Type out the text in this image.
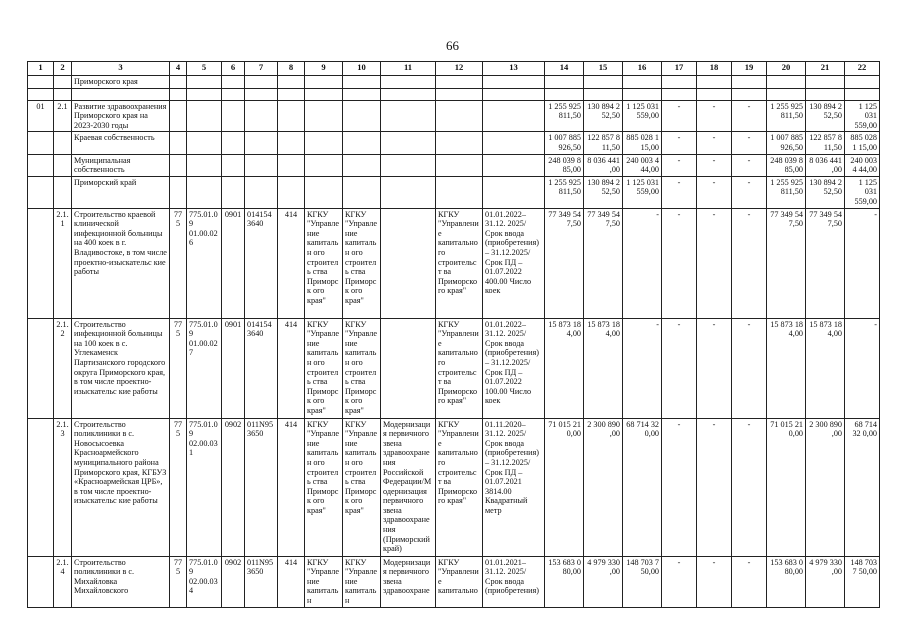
66
1	2	3	4	5	6	7	8	9	10	11	12	13	14	15	16	17	18	19	20	21	22
		Приморского края																			

01	2.1	Развитие здравоохранения Приморского края на 2023-2030 годы											1 255 925 811,50	130 894 2 52,50	1 125 031 559,00	-	-	-	1 255 925 811,50	130 894 2 52,50	1 125 031 559,00
		Краевая собственность											1 007 885 926,50	122 857 8 11,50	885 028 1 15,00	-	-	-	1 007 885 926,50	122 857 8 11,50	885 028 1 15,00
		Муниципальная собственность											248 039 8 85,00	8 036 441 ,00	240 003 4 44,00	-	-	-	248 039 8 85,00	8 036 441 ,00	240 003 4 44,00
		Приморский край											1 255 925 811,50	130 894 2 52,50	1 125 031 559,00	-	-	-	1 255 925 811,50	130 894 2 52,50	1 125 031 559,00
	2.1.1	Строительство краевой клинической инфекционной больницы на 400 коек в г. Владивостоке, в том числе проектно-изыскательс кие работы	775	775.01.09 01.00.026	0901	014154 3640	414	КГКУ "Управле ние капитальн ого строитель ства Приморск ого края"	КГКУ "Управле ние капитальн ого строитель ства Приморск ого края"		КГКУ "Управлени е капитально го строительст ва Приморско го края"	01.01.2022–31.12. 2025/ Срок ввода (приобретения) – 31.12.2025/ Срок ПД – 01.07.2022 400.00 Число коек	77 349 54 7,50	77 349 54 7,50	-	-	-	-	77 349 54 7,50	77 349 54 7,50	-
	2.1.2	Строительство инфекционной больницы на 100 коек в с. Углекаменск Партизанского городского округа Приморского края, в том числе проектно-изыскательс кие работы	775	775.01.09 01.00.027	0901	014154 3640	414	КГКУ "Управле ние капитальн ого строитель ства Приморск ого края"	КГКУ "Управле ние капитальн ого строитель ства Приморск ого края"		КГКУ "Управлени е капитально го строительст ва Приморско го края"	01.01.2022–31.12. 2025/ Срок ввода (приобретения) – 31.12.2025/ Срок ПД – 01.07.2022 100.00 Число коек	15 873 18 4,00	15 873 18 4,00	-	-	-	-	15 873 18 4,00	15 873 18 4,00	-
	2.1.3	Строительство поликлиники в с. Новосысоевка Красноармейского муниципального района Приморского края, КГБУЗ «Красноармейская ЦРБ», в том числе проектно-изыскательс кие работы	775	775.01.09 02.00.031	0902	011N95 3650	414	КГКУ "Управле ние капитальн ого строитель ства Приморск ого края"	КГКУ "Управле ние капитальн ого строитель ства Приморск ого края"	Модернизаци я первичного звена здравоохране ния Российской Федерации/М одернизация первичного звена здравоохране ния (Приморский край)	КГКУ "Управлени е капитально го строительст ва Приморско го края"	01.11.2020–31.12. 2025/ Срок ввода (приобретения) – 31.12.2025/ Срок ПД – 01.07.2021 3814.00 Квадратный метр	71 015 21 0,00	2 300 890 ,00	68 714 32 0,00	-	-	-	71 015 21 0,00	2 300 890 ,00	68 714 32 0,00
	2.1.4	Строительство поликлиники в с. Михайловка Михайловского	775	775.01.09 02.00.034	0902	011N95 3650	414	КГКУ "Управле ние капитальн	КГКУ "Управле ние капитальн	Модернизаци я первичного звена здравоохране	КГКУ "Управлени е капитально	01.01.2021–31.12. 2025/ Срок ввода (приобретения)	153 683 0 80,00	4 979 330 ,00	148 703 7 50,00	-	-	-	153 683 0 80,00	4 979 330 ,00	148 703 7 50,00
